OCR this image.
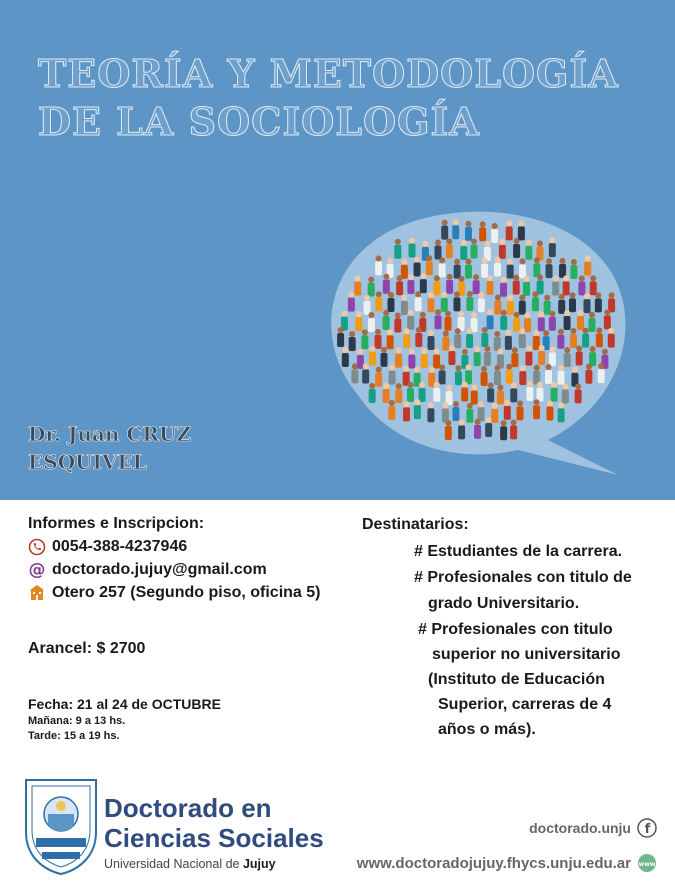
TEORÍA Y METODOLOGÍA
DE LA SOCIOLOGÍA
Dr. Juan CRUZ
ESQUIVEL

Informes e Inscripcion:

0054-388-4237946
@ doctorado.jujuy@gmail.com
Otero 257 (Segundo piso, oficina 5)
Arancel: $ 2700
Fecha: 21 al 24 de OCTUBRE
Mañana: 9 a 13 hs.
Tarde: 15 a 19 hs.
Destinatarios:
# Estudiantes de la carrera.
# Profesionales con titulo de
grado Universitario.
# Profesionales con titulo
superior no universitario
(Instituto de Educación
Superior, carreras de 4
años o más).
Doctorado en
Ciencias Sociales
Universidad Nacional de Jujuy
doctorado.unju f
www.doctoradojujuy.fhycs.unju.edu.ar www
